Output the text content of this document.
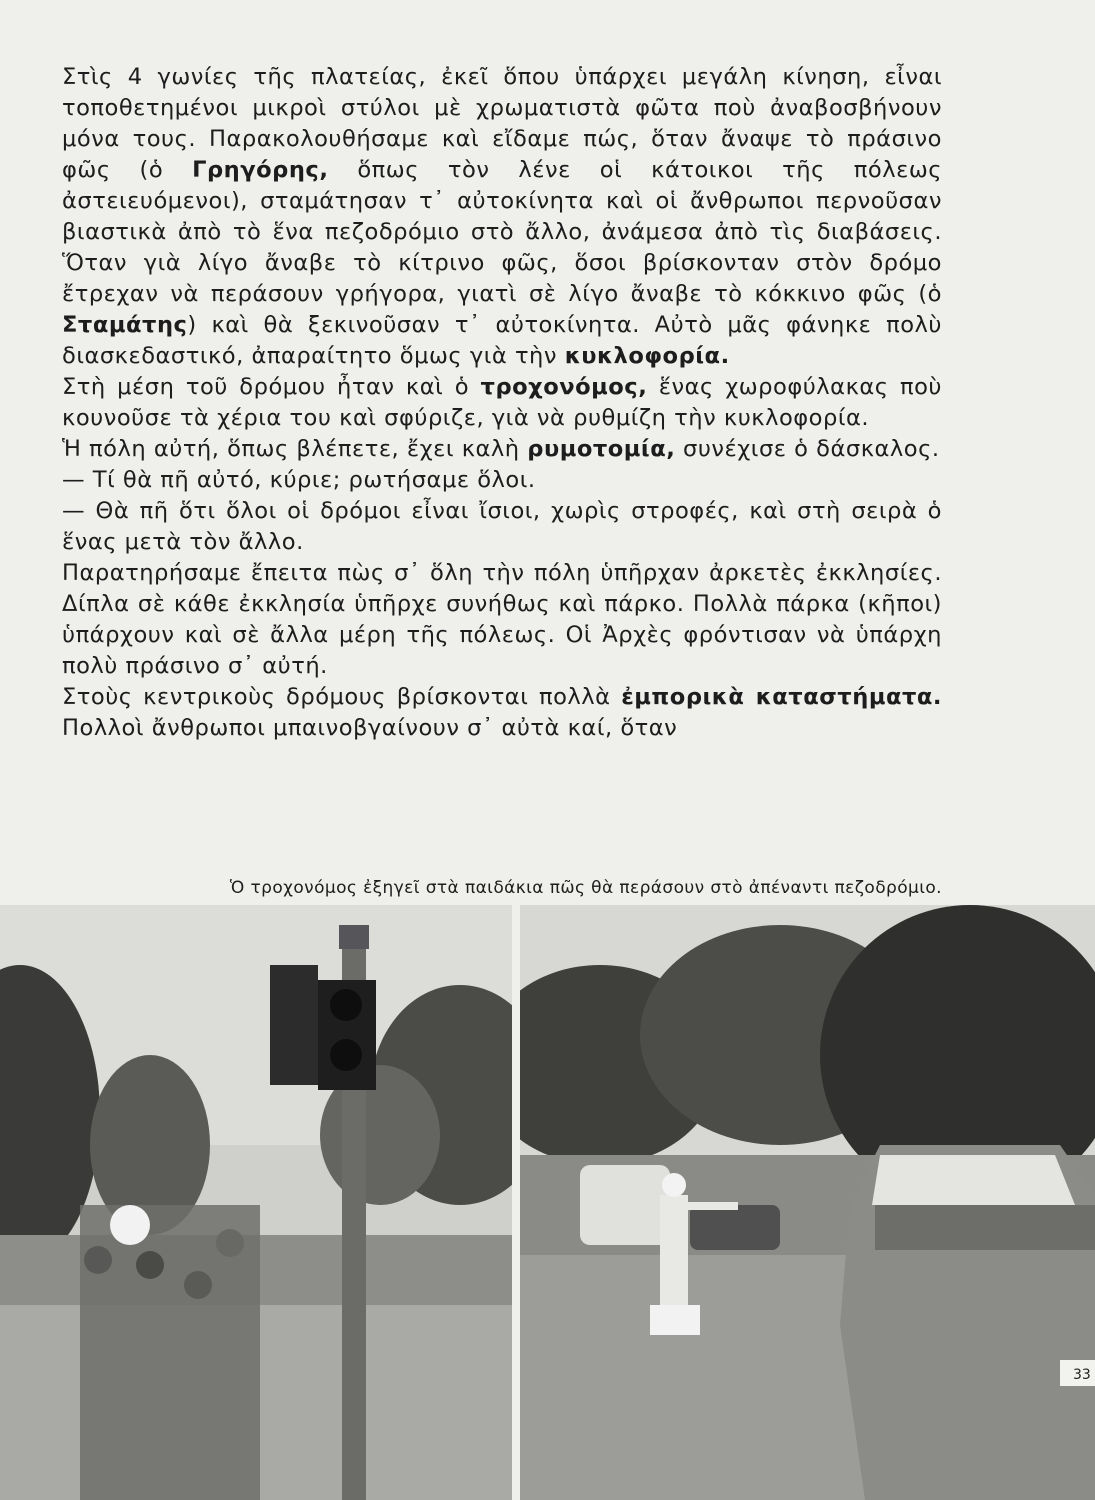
Στὶς 4 γωνίες τῆς πλατείας, ἐκεῖ ὅπου ὑπάρχει μεγάλη κίνηση, εἶναι τοποθετημένοι μικροὶ στύλοι μὲ χρωματιστὰ φῶτα ποὺ ἀναβοσβήνουν μόνα τους. Παρακολουθήσαμε καὶ εἴδαμε πώς, ὅταν ἄναψε τὸ πράσινο φῶς (ὁ Γρηγόρης, ὅπως τὸν λένε οἱ κάτοικοι τῆς πόλεως ἀστειευόμενοι), σταμάτησαν τ᾽ αὐτοκίνητα καὶ οἱ ἄνθρωποι περνοῦσαν βιαστικὰ ἀπὸ τὸ ἕνα πεζοδρόμιο στὸ ἄλλο, ἀνάμεσα ἀπὸ τὶς διαβάσεις. Ὅταν γιὰ λίγο ἄναβε τὸ κίτρινο φῶς, ὅσοι βρίσκονταν στὸν δρόμο ἔτρεχαν νὰ περάσουν γρήγορα, γιατὶ σὲ λίγο ἄναβε τὸ κόκκινο φῶς (ὁ Σταμάτης) καὶ θὰ ξεκινοῦσαν τ᾽ αὐτοκίνητα. Αὐτὸ μᾶς φάνηκε πολὺ διασκεδαστικό, ἀπαραίτητο ὅμως γιὰ τὴν κυκλοφορία.

Στὴ μέση τοῦ δρόμου ἦταν καὶ ὁ τροχονόμος, ἕνας χωροφύλακας ποὺ κουνοῦσε τὰ χέρια του καὶ σφύριζε, γιὰ νὰ ρυθμίζη τὴν κυκλοφορία.

Ἡ πόλη αὐτή, ὅπως βλέπετε, ἔχει καλὴ ρυμοτομία, συνέχισε ὁ δάσκαλος.

— Τί θὰ πῆ αὐτό, κύριε; ρωτήσαμε ὅλοι.

— Θὰ πῆ ὅτι ὅλοι οἱ δρόμοι εἶναι ἴσιοι, χωρὶς στροφές, καὶ στὴ σειρὰ ὁ ἕνας μετὰ τὸν ἄλλο.

Παρατηρήσαμε ἔπειτα πὼς σ᾽ ὅλη τὴν πόλη ὑπῆρχαν ἀρκετὲς ἐκκλησίες. Δίπλα σὲ κάθε ἐκκλησία ὑπῆρχε συνήθως καὶ πάρκο. Πολλὰ πάρκα (κῆποι) ὑπάρχουν καὶ σὲ ἄλλα μέρη τῆς πόλεως. Οἱ Ἀρχὲς φρόντισαν νὰ ὑπάρχη πολὺ πράσινο σ᾽ αὐτή.

Στοὺς κεντρικοὺς δρόμους βρίσκονται πολλὰ ἐμπορικὰ καταστήματα. Πολλοὶ ἄνθρωποι μπαινοβγαίνουν σ᾽ αὐτὰ καί, ὅταν

Ὁ τροχονόμος ἐξηγεῖ στὰ παιδάκια πῶς θὰ περάσουν στὸ ἀπέναντι πεζοδρόμιο.
33
